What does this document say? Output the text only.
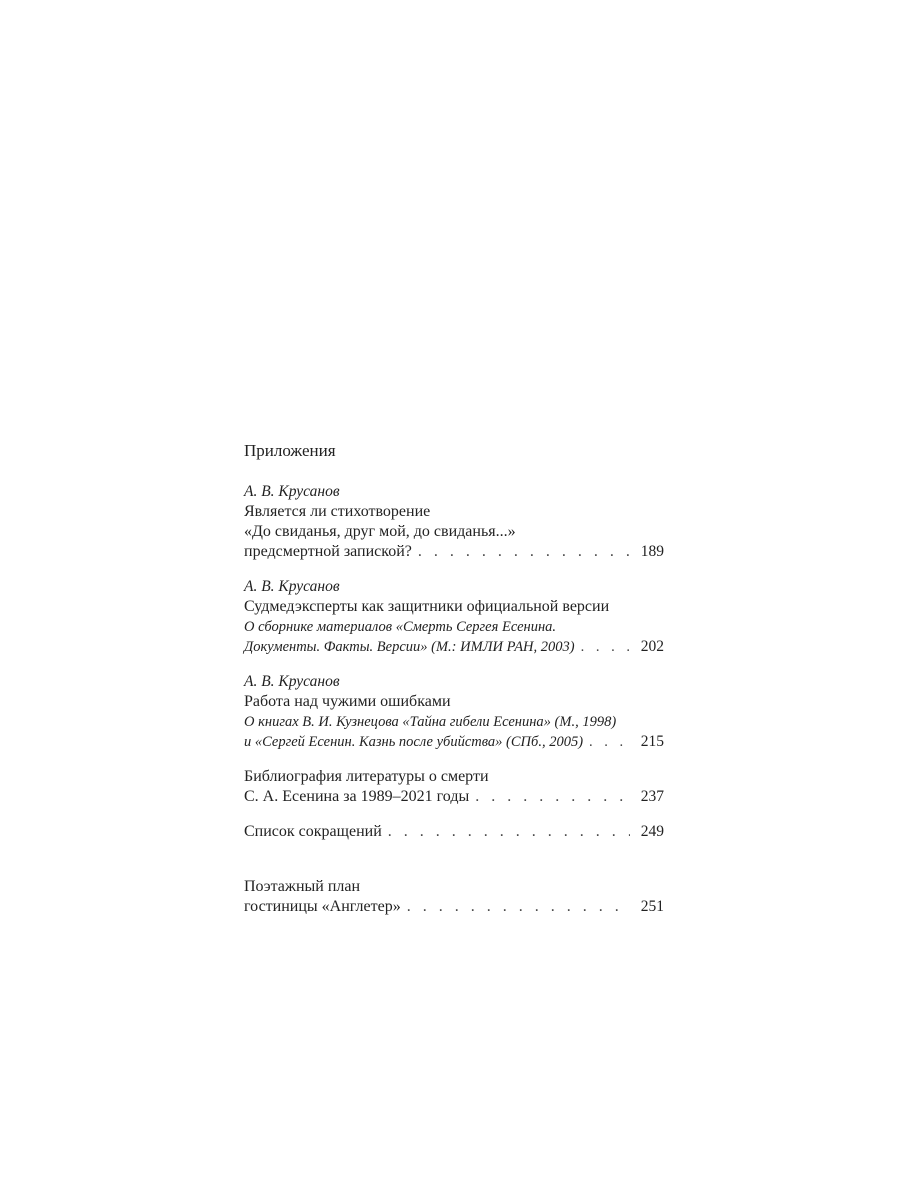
Приложения
А. В. Крусанов
Является ли стихотворение
«До свиданья, друг мой, до свиданья...»
предсмертной запиской? . . .	189
А. В. Крусанов
Судмедэксперты как защитники официальной версии
О сборнике материалов «Смерть Сергея Есенина.
Документы. Факты. Версии» (М.: ИМЛИ РАН, 2003) . . .	202
А. В. Крусанов
Работа над чужими ошибками
О книгах В. И. Кузнецова «Тайна гибели Есенина» (М., 1998)
и «Сергей Есенин. Казнь после убийства» (СПб., 2005) . . .	215
Библиография литературы о смерти
С. А. Есенина за 1989–2021 годы . . .	237
Список сокращений . . .	249
Поэтажный план
гостиницы «Англетер» . . .	251
